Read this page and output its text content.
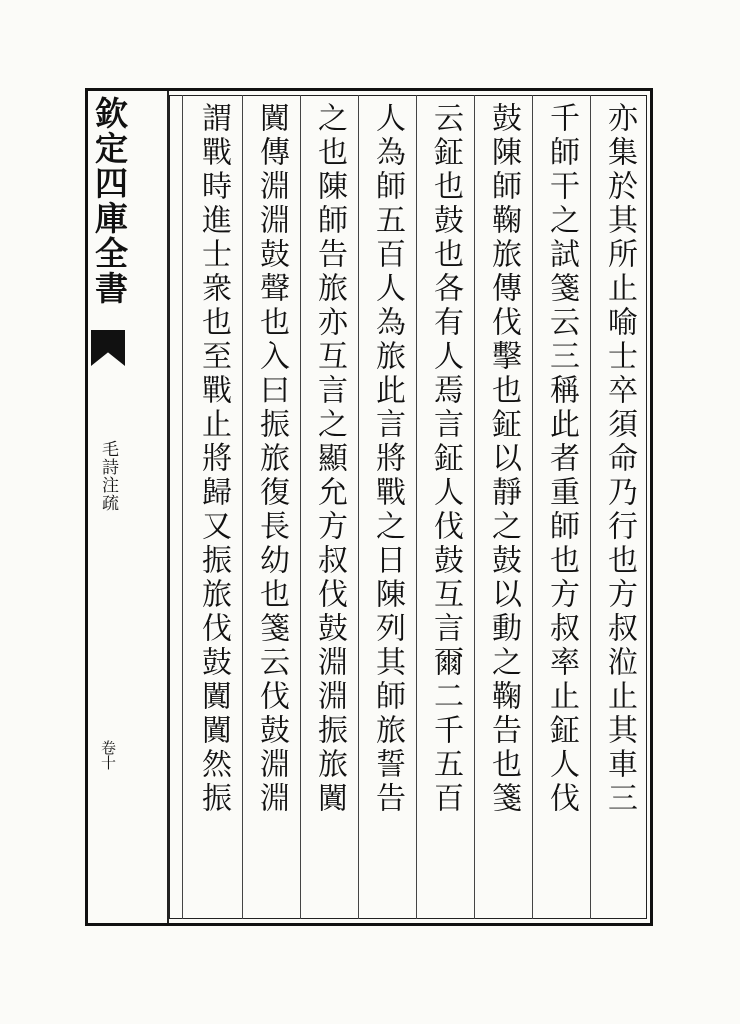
欽定四庫全書
毛詩注疏
卷十	亦集於其所止喻士卒須命乃行也方叔涖止其車三
千師干之試箋云三稱此者重師也方叔率止鉦人伐
鼓陳師鞠旅傳伐擊也鉦以靜之鼓以動之鞠告也箋
云鉦也鼓也各有人焉言鉦人伐鼓互言爾二千五百
人為師五百人為旅此言將戰之日陳列其師旅誓告
之也陳師告旅亦互言之顯允方叔伐鼓淵淵振旅闐
闐傳淵淵鼓聲也入曰振旅復長幼也箋云伐鼓淵淵
謂戰時進士衆也至戰止將歸又振旅伐鼓闐闐然振
